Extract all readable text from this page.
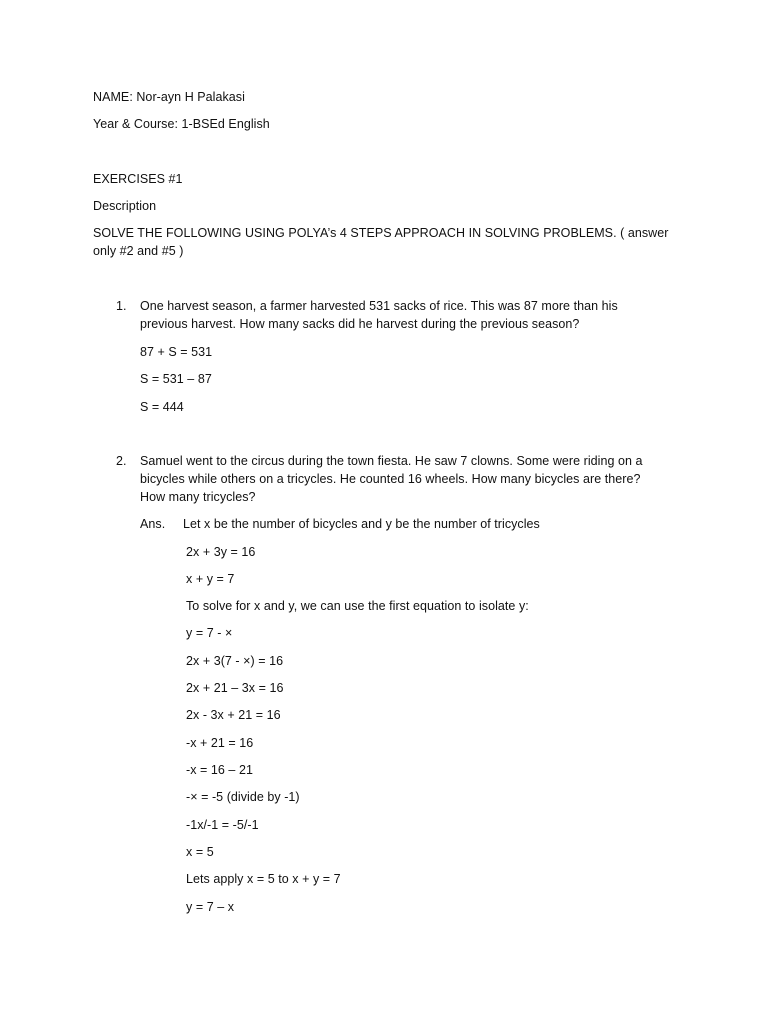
NAME: Nor-ayn H Palakasi
Year & Course: 1-BSEd English
EXERCISES #1
Description
SOLVE THE FOLLOWING USING POLYA’s 4 STEPS APPROACH IN SOLVING PROBLEMS. ( answer only #2 and #5 )
1. One harvest season, a farmer harvested 531 sacks of rice. This was 87 more than his previous harvest. How many sacks did he harvest during the previous season?
87 + S = 531
S = 531 – 87
S = 444
2. Samuel went to the circus during the town fiesta. He saw 7 clowns. Some were riding on a bicycles while others on a tricycles. He counted 16 wheels. How many bicycles are there? How many tricycles?
Ans. Let x be the number of bicycles and y be the number of tricycles
2x + 3y = 16
x + y = 7
To solve for x and y, we can use the first equation to isolate y:
y = 7 - ×
2x + 3(7 - ×) = 16
2x + 21 – 3x = 16
2x - 3x + 21 = 16
-x + 21 = 16
-x = 16 – 21
-× = -5 (divide by -1)
-1x/-1 = -5/-1
x = 5
Lets apply x = 5 to x + y = 7
y = 7 – x
